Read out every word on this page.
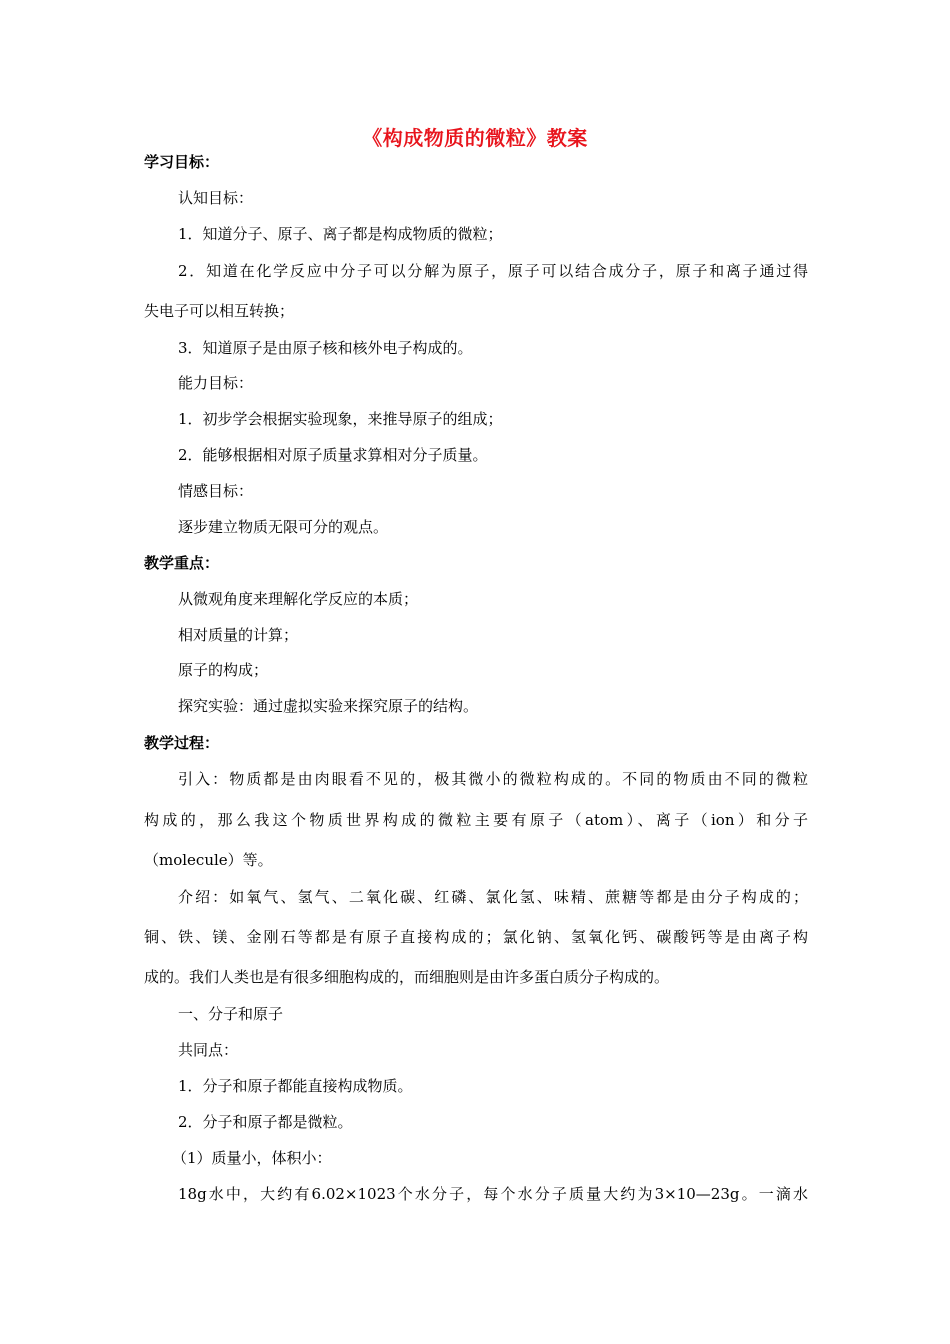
《构成物质的微粒》教案
学习目标：
认知目标：
1．知道分子、原子、离子都是构成物质的微粒；
2．知道在化学反应中分子可以分解为原子，原子可以结合成分子，原子和离子通过得
失电子可以相互转换；
3．知道原子是由原子核和核外电子构成的。
能力目标：
1．初步学会根据实验现象，来推导原子的组成；
2．能够根据相对原子质量求算相对分子质量。
情感目标：
逐步建立物质无限可分的观点。
教学重点：
从微观角度来理解化学反应的本质；
相对质量的计算；
原子的构成；
探究实验：通过虚拟实验来探究原子的结构。
教学过程：
引入：物质都是由肉眼看不见的，极其微小的微粒构成的。不同的物质由不同的微粒
构成的，那么我这个物质世界构成的微粒主要有原子（atom）、离子（ion）和分子
（molecule）等。
介绍：如氧气、氢气、二氧化碳、红磷、氯化氢、味精、蔗糖等都是由分子构成的；
铜、铁、镁、金刚石等都是有原子直接构成的；氯化钠、氢氧化钙、碳酸钙等是由离子构
成的。我们人类也是有很多细胞构成的，而细胞则是由许多蛋白质分子构成的。
一、分子和原子
共同点：
1．分子和原子都能直接构成物质。
2．分子和原子都是微粒。
（1）质量小，体积小：
18g水中，大约有6.02×1023个水分子，每个水分子质量大约为3×10—23g。一滴水
